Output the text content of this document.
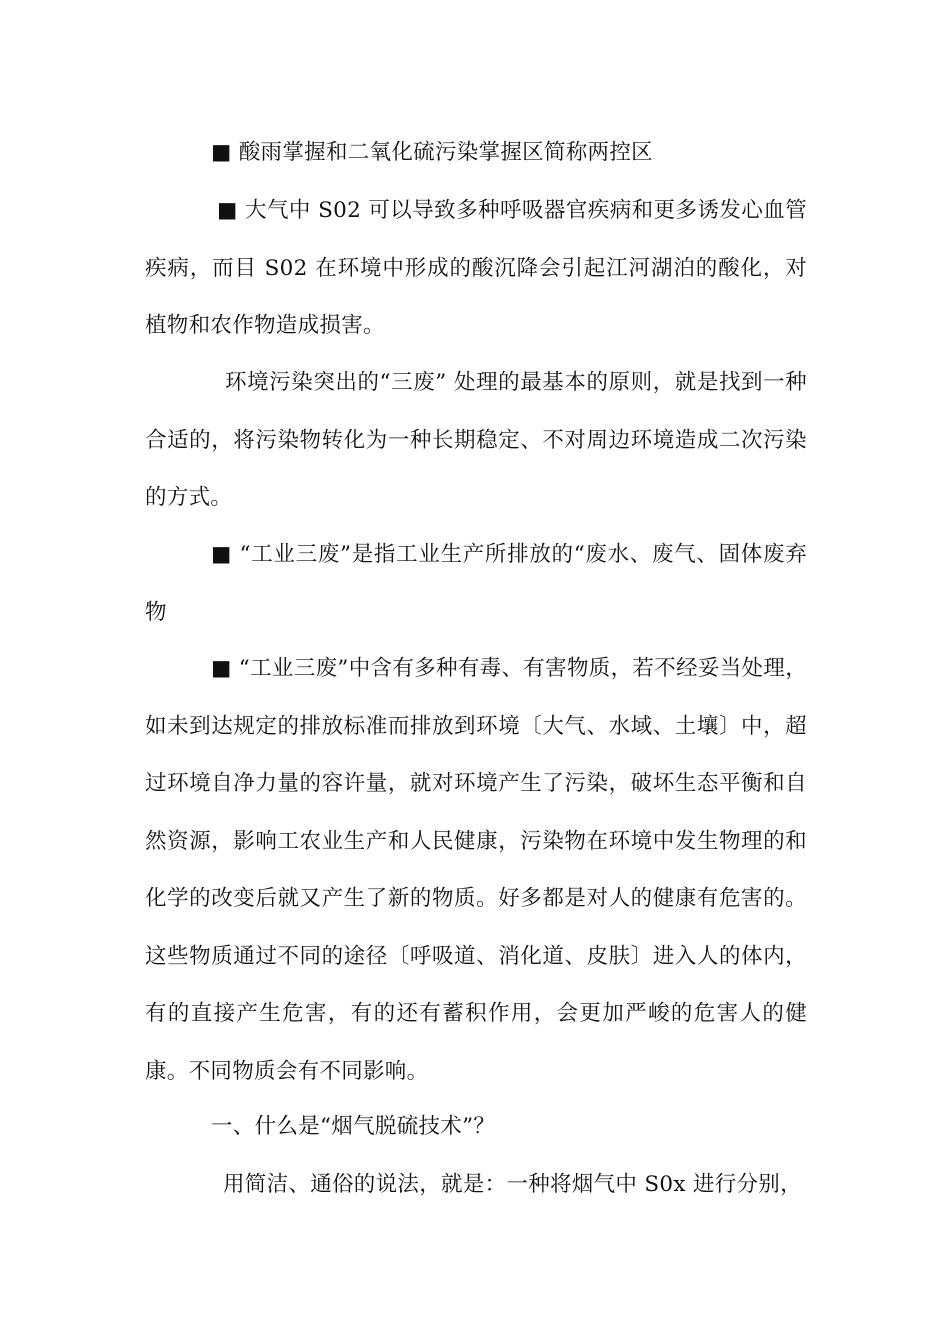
■ 酸雨掌握和二氧化硫污染掌握区简称两控区

■ 大气中 S02 可以导致多种呼吸器官疾病和更多诱发心血管疾病，而目 S02 在环境中形成的酸沉降会引起江河湖泊的酸化，对植物和农作物造成损害。

环境污染突出的“三废” 处理的最基本的原则，就是找到一种合适的，将污染物转化为一种长期稳定、不对周边环境造成二次污染的方式。

■ “工业三废”是指工业生产所排放的“废水、废气、固体废弃物

■ “工业三废”中含有多种有毒、有害物质，若不经妥当处理，如未到达规定的排放标准而排放到环境〔大气、水域、土壤〕中，超过环境自净力量的容许量，就对环境产生了污染，破坏生态平衡和自然资源，影响工农业生产和人民健康，污染物在环境中发生物理的和化学的改变后就又产生了新的物质。好多都是对人的健康有危害的。这些物质通过不同的途径〔呼吸道、消化道、皮肤〕进入人的体内，有的直接产生危害，有的还有蓄积作用，会更加严峻的危害人的健康。不同物质会有不同影响。

一、什么是“烟气脱硫技术”？

用简洁、通俗的说法，就是：一种将烟气中 S0x 进行分别，
